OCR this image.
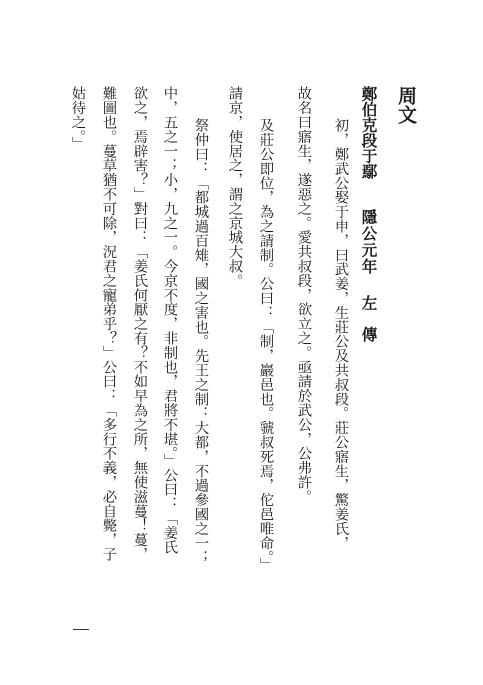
周文
鄭伯克段于鄢
隱公元年
左傳
初，鄭武公娶于申，曰武姜，生莊公及共叔段。莊公寤生，驚姜氏，
故名曰寤生，遂惡之。愛共叔段，欲立之。亟請於武公，公弗許。
及莊公即位，為之請制。公曰：「制，巖邑也。虢叔死焉，佗邑唯命。」
請京，使居之，謂之京城大叔。
祭仲曰：「都城過百雉，國之害也。先王之制：大都，不過參國之一；
中，五之一；小，九之一。今京不度，非制也，君將不堪。」公曰：「姜氏
欲之，焉辟害？」對曰：「姜氏何厭之有？不如早為之所，無使滋蔓！蔓，
難圖也。蔓草猶不可除，況君之寵弟乎？」公曰：「多行不義，必自斃，子
姑待之。」
